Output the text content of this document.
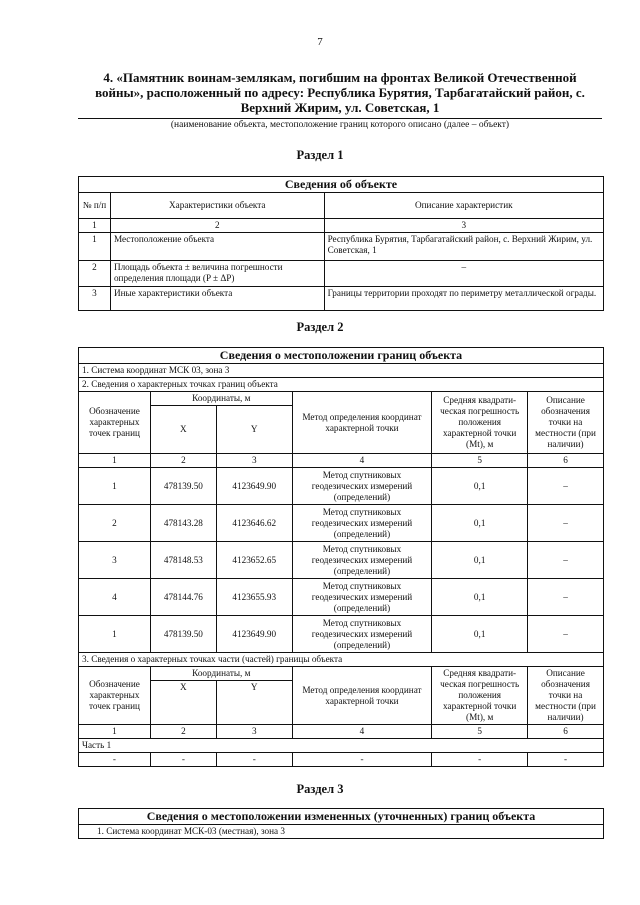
7
4. «Памятник воинам-землякам, погибшим на фронтах Великой Отечественной войны», расположенный по адресу: Республика Бурятия, Тарбагатайский район, с. Верхний Жирим, ул. Советская, 1
(наименование объекта, местоположение границ которого описано (далее – объект)
Раздел 1
Сведения об объекте		
№ п/п	Характеристики объекта	Описание характеристик
1	2	3
1	Местоположение объекта	Республика Бурятия, Тарбагатайский район, с. Верхний Жирим, ул. Советская, 1
2	Площадь объекта ± величина погрешности определения площади (P ± ΔP)	–
3	Иные характеристики объекта	Границы территории проходят по периметру металлической ограды.
Раздел 2
Сведения о местоположении границ объекта					
1. Система координат МСК 03, зона 3					
2. Сведения о характерных точках границ объекта					
Обозначение характерных точек границ	Координаты, м		Метод определения координат характерной точки	Средняя квадрати-ческая погрешность положения характерной точки (Mt), м	Описание обозначения точки на местности (при наличии)
	X	Y			
1	2	3	4	5	6
1	478139.50	4123649.90	Метод спутниковых геодезических измерений (определений)	0,1	–
2	478143.28	4123646.62	Метод спутниковых геодезических измерений (определений)	0,1	–
3	478148.53	4123652.65	Метод спутниковых геодезических измерений (определений)	0,1	–
4	478144.76	4123655.93	Метод спутниковых геодезических измерений (определений)	0,1	–
1	478139.50	4123649.90	Метод спутниковых геодезических измерений (определений)	0,1	–
3. Сведения о характерных точках части (частей) границы объекта					
Обозначение характерных точек границ	Координаты, м		Метод определения координат характерной точки	Средняя квадрати-ческая погрешность положения характерной точки (Mt), м	Описание обозначения точки на местности (при наличии)
	X	Y			
1	2	3	4	5	6
Часть 1					
-	-	-	-	-	-
Раздел 3
Сведения о местоположении измененных (уточненных) границ объекта
1. Система координат МСК-03 (местная), зона 3
